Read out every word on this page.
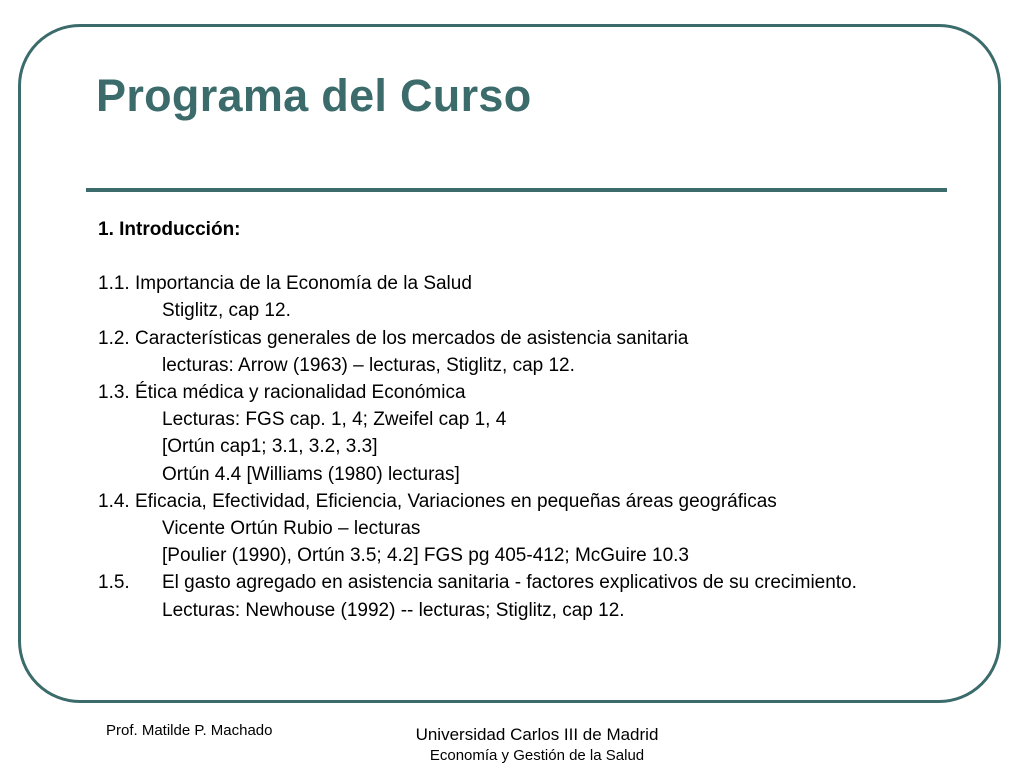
Programa del Curso
1. Introducción:
1.1. Importancia de la Economía de la Salud
Stiglitz, cap 12.
1.2. Características generales de los mercados de asistencia sanitaria
lecturas: Arrow (1963) – lecturas, Stiglitz, cap 12.
1.3. Ética médica y racionalidad Económica
Lecturas: FGS cap. 1, 4; Zweifel cap 1, 4
[Ortún cap1; 3.1, 3.2, 3.3]
Ortún 4.4 [Williams (1980) lecturas]
1.4. Eficacia, Efectividad, Eficiencia, Variaciones en pequeñas áreas geográficas
Vicente Ortún Rubio – lecturas
[Poulier (1990), Ortún 3.5; 4.2] FGS pg 405-412; McGuire 10.3
1.5.	El gasto agregado en asistencia sanitaria - factores explicativos de su crecimiento.
Lecturas: Newhouse (1992) -- lecturas; Stiglitz, cap 12.
Prof. Matilde P. Machado	Universidad Carlos III de Madrid
Economía y Gestión de la Salud
